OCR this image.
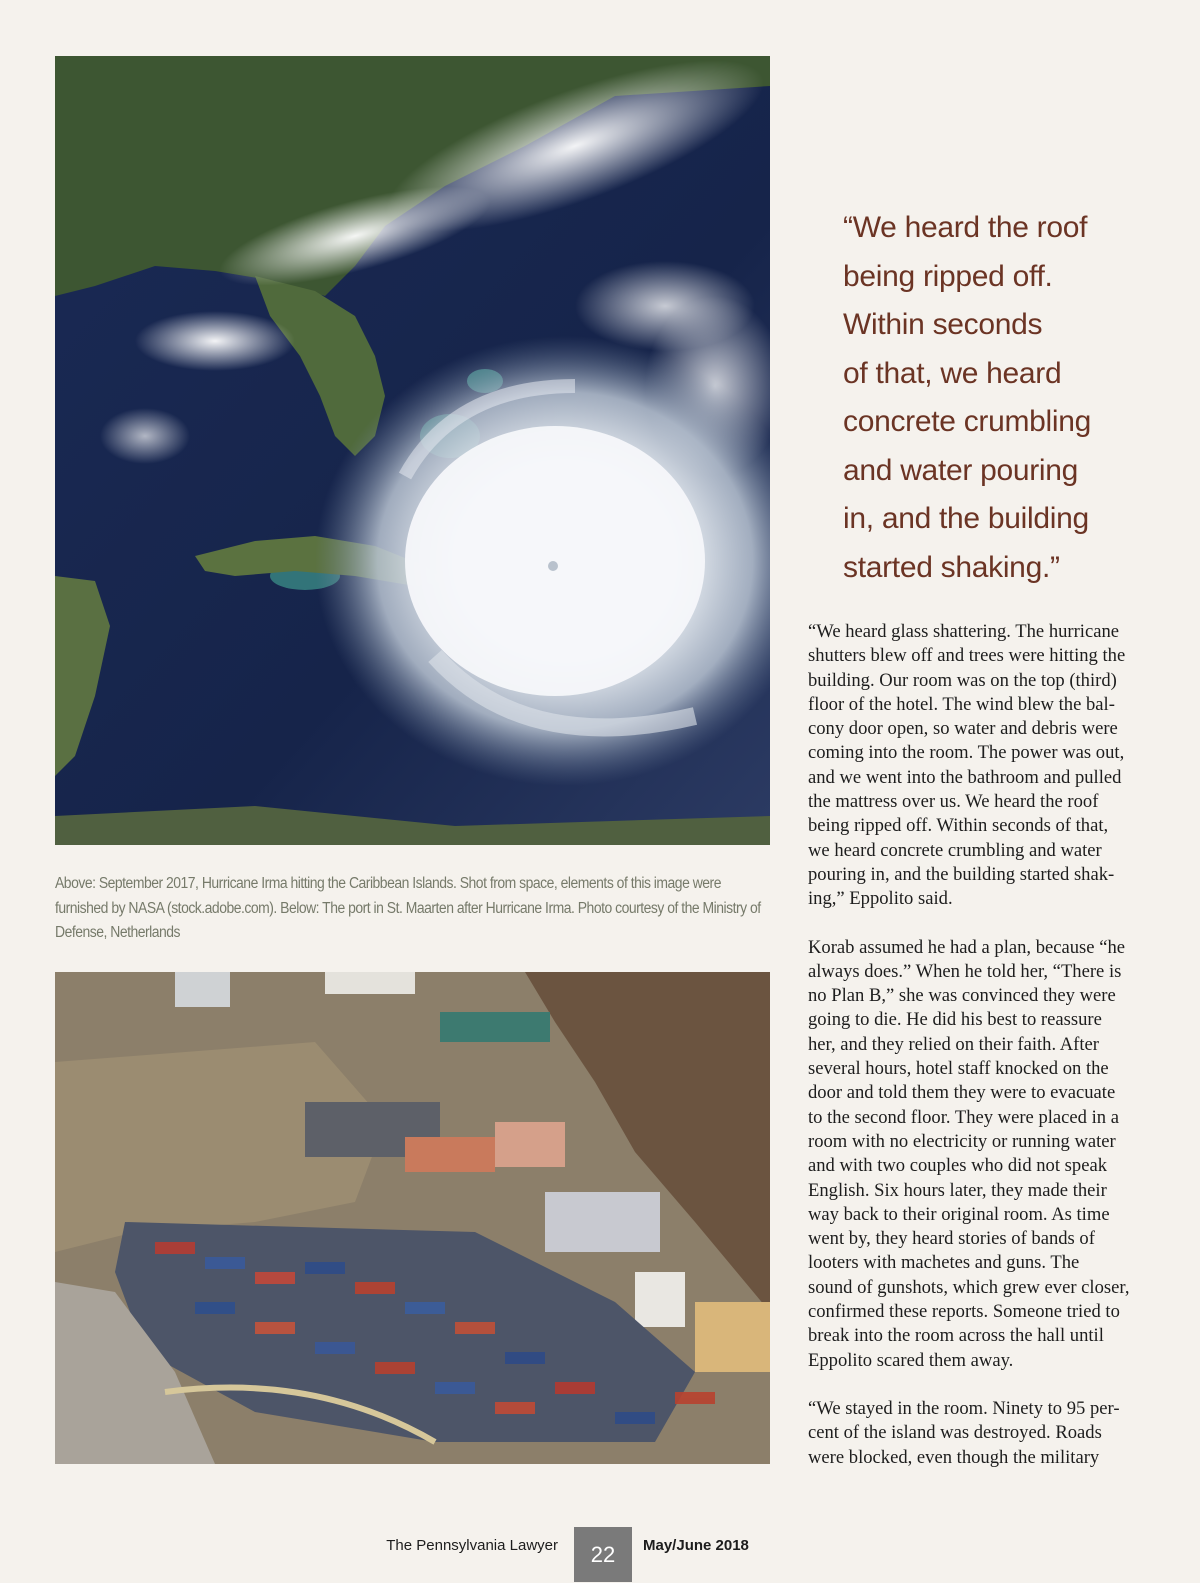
Above: September 2017, Hurricane Irma hitting the Caribbean Islands. Shot from space, elements of this image were furnished by NASA (stock.adobe.com). Below: The port in St. Maarten after Hurricane Irma. Photo courtesy of the Ministry of Defense, Netherlands
“We heard the roof
being ripped off.
Within seconds
of that, we heard
concrete crumbling
and water pouring
in, and the building
started shaking.”

“We heard glass shattering. The hurricane
shutters blew off and trees were hitting the
building. Our room was on the top (third)
floor of the hotel. The wind blew the bal-
cony door open, so water and debris were
coming into the room. The power was out,
and we went into the bathroom and pulled
the mattress over us. We heard the roof
being ripped off. Within seconds of that,
we heard concrete crumbling and water
pouring in, and the building started shak-
ing,” Eppolito said.

Korab assumed he had a plan, because “he
always does.” When he told her, “There is
no Plan B,” she was convinced they were
going to die. He did his best to reassure
her, and they relied on their faith. After
several hours, hotel staff knocked on the
door and told them they were to evacuate
to the second floor. They were placed in a
room with no electricity or running water
and with two couples who did not speak
English. Six hours later, they made their
way back to their original room. As time
went by, they heard stories of bands of
looters with machetes and guns. The
sound of gunshots, which grew ever closer,
confirmed these reports. Someone tried to
break into the room across the hall until
Eppolito scared them away.

“We stayed in the room. Ninety to 95 per-
cent of the island was destroyed. Roads
were blocked, even though the military

The Pennsylvania Lawyer	22	May/June 2018
